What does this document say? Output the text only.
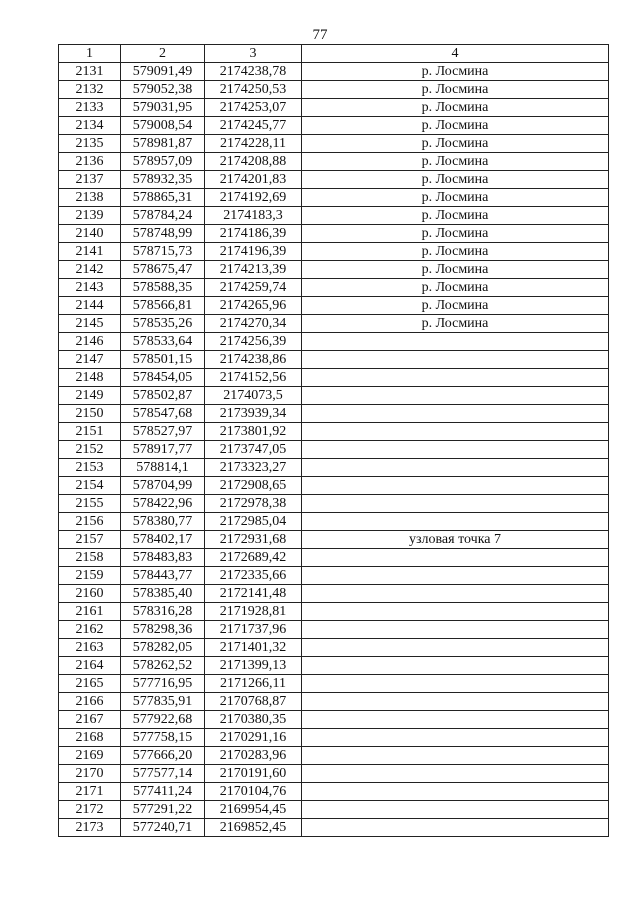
77
1	2	3	4
2131	579091,49	2174238,78	р. Лосмина
2132	579052,38	2174250,53	р. Лосмина
2133	579031,95	2174253,07	р. Лосмина
2134	579008,54	2174245,77	р. Лосмина
2135	578981,87	2174228,11	р. Лосмина
2136	578957,09	2174208,88	р. Лосмина
2137	578932,35	2174201,83	р. Лосмина
2138	578865,31	2174192,69	р. Лосмина
2139	578784,24	2174183,3	р. Лосмина
2140	578748,99	2174186,39	р. Лосмина
2141	578715,73	2174196,39	р. Лосмина
2142	578675,47	2174213,39	р. Лосмина
2143	578588,35	2174259,74	р. Лосмина
2144	578566,81	2174265,96	р. Лосмина
2145	578535,26	2174270,34	р. Лосмина
2146	578533,64	2174256,39	
2147	578501,15	2174238,86	
2148	578454,05	2174152,56	
2149	578502,87	2174073,5	
2150	578547,68	2173939,34	
2151	578527,97	2173801,92	
2152	578917,77	2173747,05	
2153	578814,1	2173323,27	
2154	578704,99	2172908,65	
2155	578422,96	2172978,38	
2156	578380,77	2172985,04	
2157	578402,17	2172931,68	узловая точка 7
2158	578483,83	2172689,42	
2159	578443,77	2172335,66	
2160	578385,40	2172141,48	
2161	578316,28	2171928,81	
2162	578298,36	2171737,96	
2163	578282,05	2171401,32	
2164	578262,52	2171399,13	
2165	577716,95	2171266,11	
2166	577835,91	2170768,87	
2167	577922,68	2170380,35	
2168	577758,15	2170291,16	
2169	577666,20	2170283,96	
2170	577577,14	2170191,60	
2171	577411,24	2170104,76	
2172	577291,22	2169954,45	
2173	577240,71	2169852,45	
